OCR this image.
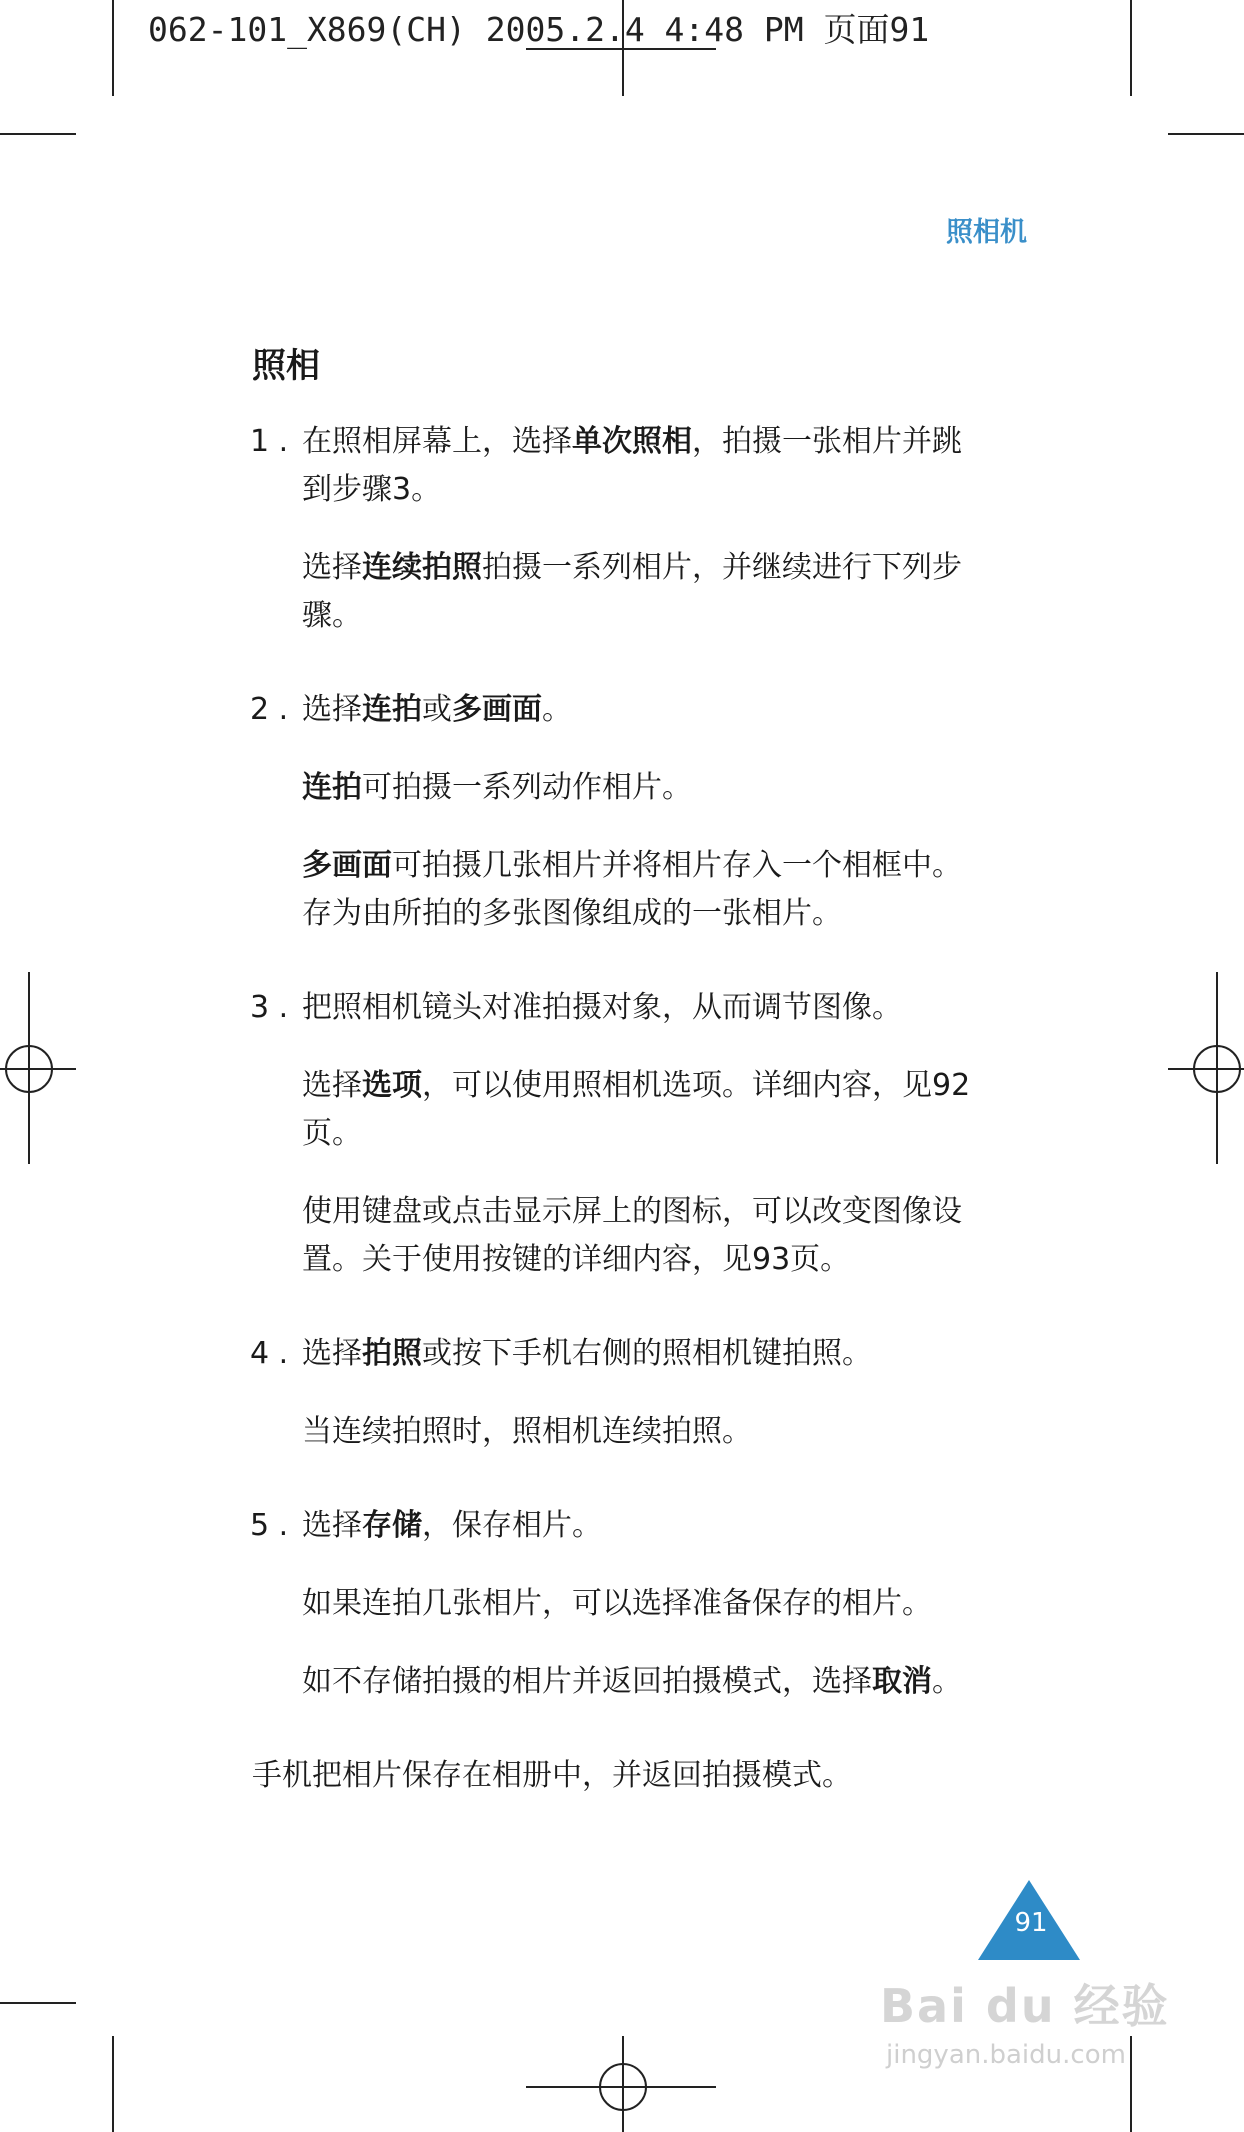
062-101_X869(CH) 2005.2.4 4:48 PM 页面91
照相机
照相
1 . 在照相屏幕上，选择单次照相，拍摄一张相片并跳

到步骤3。

选择连续拍照拍摄一系列相片，并继续进行下列步

骤。

2 . 选择连拍或多画面。

连拍可拍摄一系列动作相片。

多画面可拍摄几张相片并将相片存入一个相框中。

存为由所拍的多张图像组成的一张相片。

3 . 把照相机镜头对准拍摄对象，从而调节图像。

选择选项，可以使用照相机选项。详细内容，见92

页。

使用键盘或点击显示屏上的图标，可以改变图像设

置。关于使用按键的详细内容，见93页。

4 . 选择拍照或按下手机右侧的照相机键拍照。

当连续拍照时，照相机连续拍照。

5 . 选择存储，保存相片。

如果连拍几张相片，可以选择准备保存的相片。

如不存储拍摄的相片并返回拍摄模式，选择取消。

手机把相片保存在相册中，并返回拍摄模式。
91
Bai du 经验
jingyan.baidu.com
